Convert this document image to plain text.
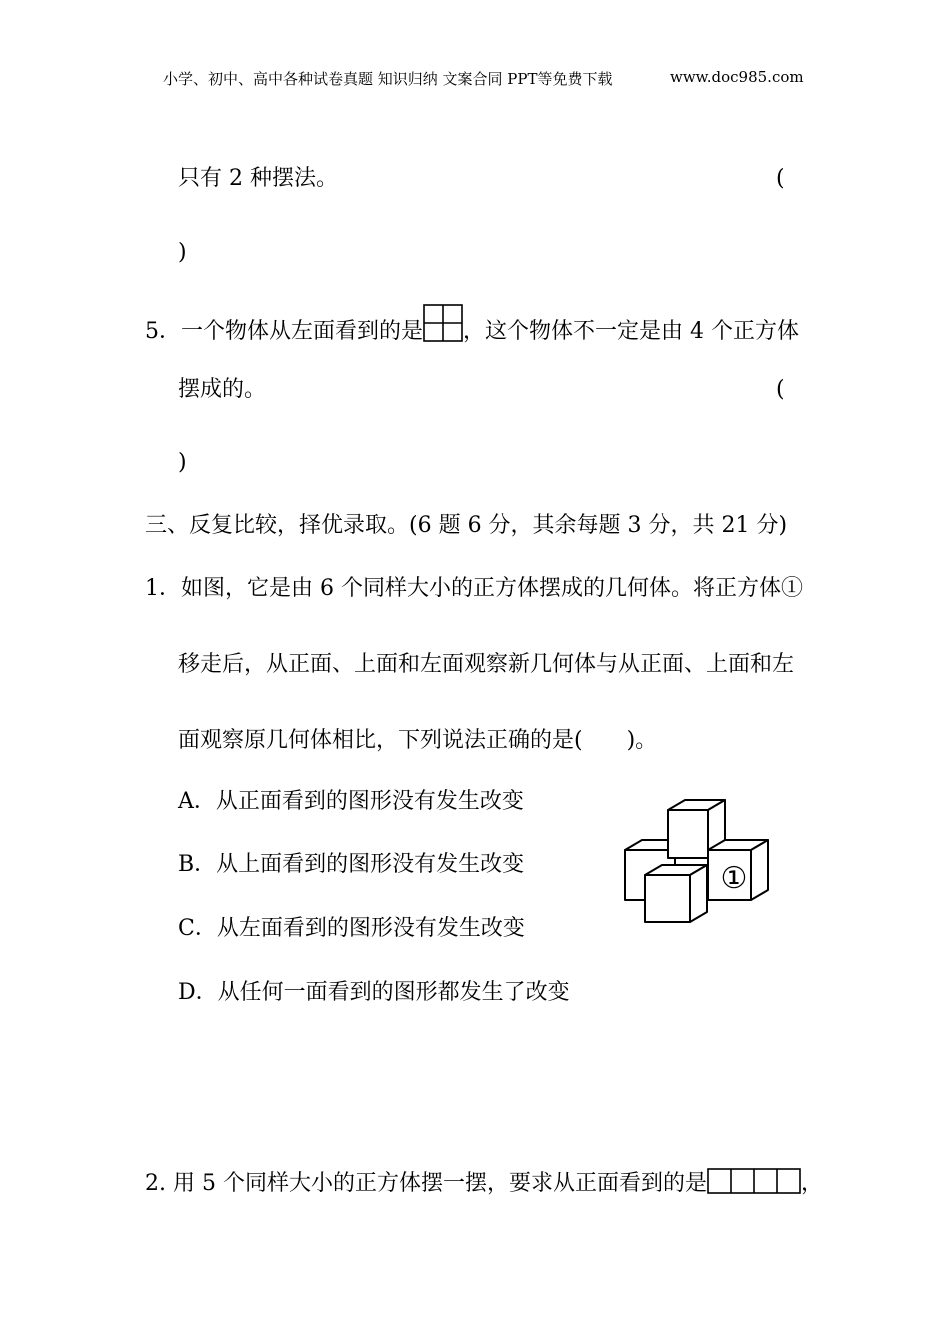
小学、初中、高中各种试卷真题 知识归纳 文案合同 PPT等免费下载	www.doc985.com
只有 2 种摆法。	(
)
5．一个物体从左面看到的是 ，这个物体不一定是由 4 个正方体
摆成的。	(
)
三、反复比较，择优录取。(6 题 6 分，其余每题 3 分，共 21 分)
1．如图，它是由 6 个同样大小的正方体摆成的几何体。将正方体①
移走后，从正面、上面和左面观察新几何体与从正面、上面和左
面观察原几何体相比，下列说法正确的是(　　)。
A．从正面看到的图形没有发生改变
B．从上面看到的图形没有发生改变
C．从左面看到的图形没有发生改变
D．从任何一面看到的图形都发生了改变
①
2. 用 5 个同样大小的正方体摆一摆，要求从正面看到的是	，
